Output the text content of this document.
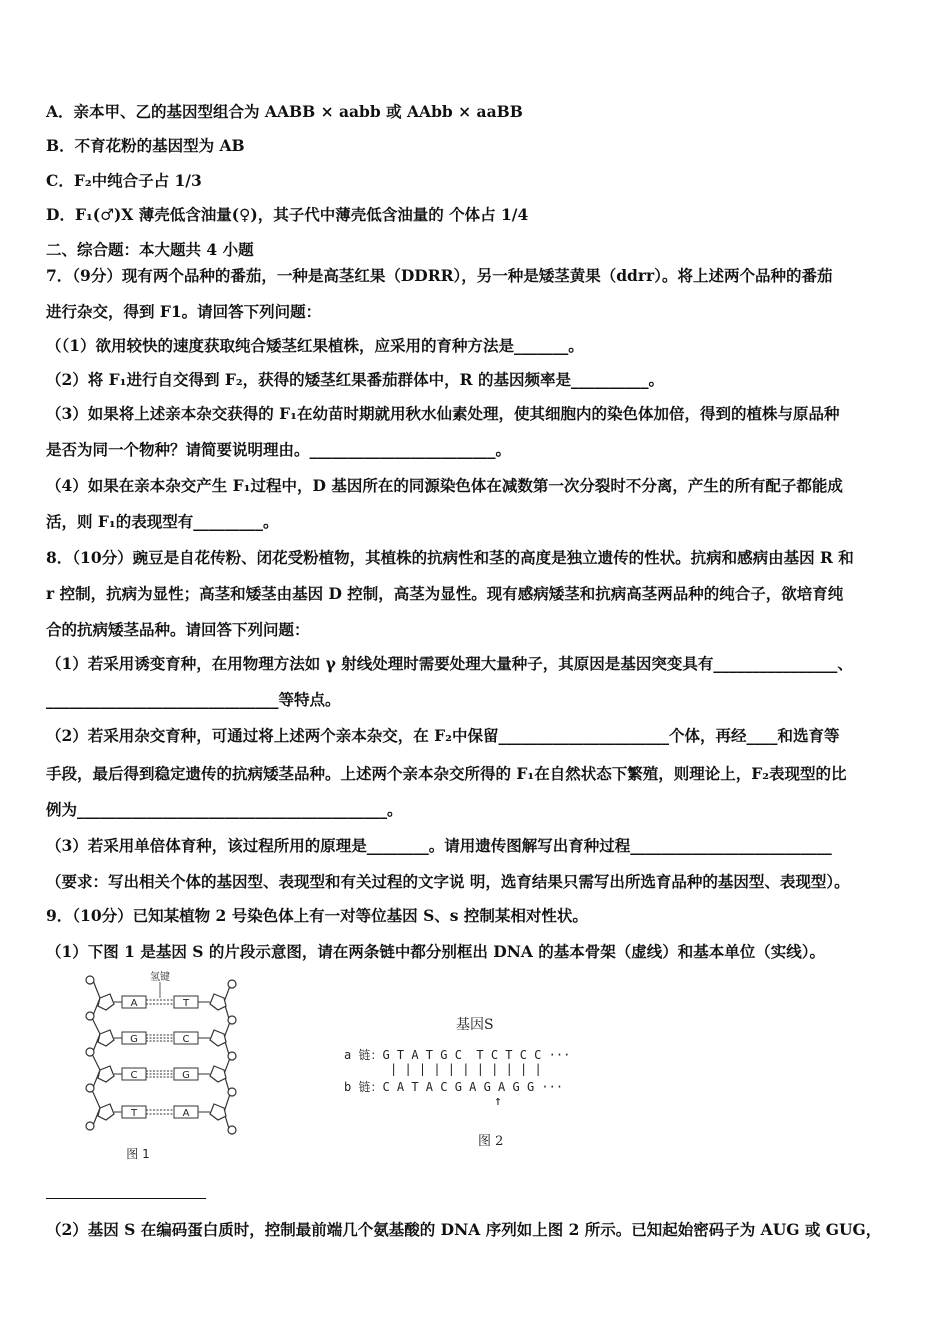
A．亲本甲、乙的基因型组合为 AABB × aabb 或 AAbb × aaBB
B．不育花粉的基因型为 AB
C．F₂中纯合子占 1/3
D．F₁(♂)X 薄壳低含油量(♀)，其子代中薄壳低含油量的 个体占 1/4
二、综合题：本大题共 4 小题
7．（9分）现有两个品种的番茄，一种是高茎红果（DDRR），另一种是矮茎黄果（ddrr）。将上述两个品种的番茄
进行杂交，得到 F1。请回答下列问题：
（（1）欲用较快的速度获取纯合矮茎红果植株，应采用的育种方法是_______。
（2）将 F₁进行自交得到 F₂，获得的矮茎红果番茄群体中，R 的基因频率是__________。
（3）如果将上述亲本杂交获得的 F₁在幼苗时期就用秋水仙素处理，使其细胞内的染色体加倍，得到的植株与原品种
是否为同一个物种？请简要说明理由。________________________。
（4）如果在亲本杂交产生 F₁过程中，D 基因所在的同源染色体在减数第一次分裂时不分离，产生的所有配子都能成
活，则 F₁的表现型有_________。
8．（10分）豌豆是自花传粉、闭花受粉植物，其植株的抗病性和茎的高度是独立遗传的性状。抗病和感病由基因 R 和
r 控制，抗病为显性；高茎和矮茎由基因 D 控制，高茎为显性。现有感病矮茎和抗病高茎两品种的纯合子，欲培育纯
合的抗病矮茎品种。请回答下列问题：
（1）若采用诱变育种，在用物理方法如 γ 射线处理时需要处理大量种子，其原因是基因突变具有________________、
______________________________等特点。
（2）若采用杂交育种，可通过将上述两个亲本杂交，在 F₂中保留______________________个体，再经____和选育等
手段，最后得到稳定遗传的抗病矮茎品种。上述两个亲本杂交所得的 F₁在自然状态下繁殖，则理论上，F₂表现型的比
例为________________________________________。
（3）若采用单倍体育种，该过程所用的原理是________。请用遗传图解写出育种过程__________________________
（要求：写出相关个体的基因型、表现型和有关过程的文字说 明，选育结果只需写出所选育品种的基因型、表现型）。
9．（10分）已知某植物 2 号染色体上有一对等位基因 S、s 控制某相对性状。
（1）下图 1 是基因 S 的片段示意图，请在两条链中都分别框出 DNA 的基本骨架（虚线）和基本单位（实线）。
（2）基因 S 在编码蛋白质时，控制最前端几个氨基酸的 DNA 序列如上图 2 所示。已知起始密码子为 AUG 或 GUG，
氢键
A	T
G	C
C	G
T	A
图 1
基因S
a 链：G T A T G C  T C T C C ···
| | | | | | | | | | |
b 链：C A T A C G A G A G G ···
↑
图 2
